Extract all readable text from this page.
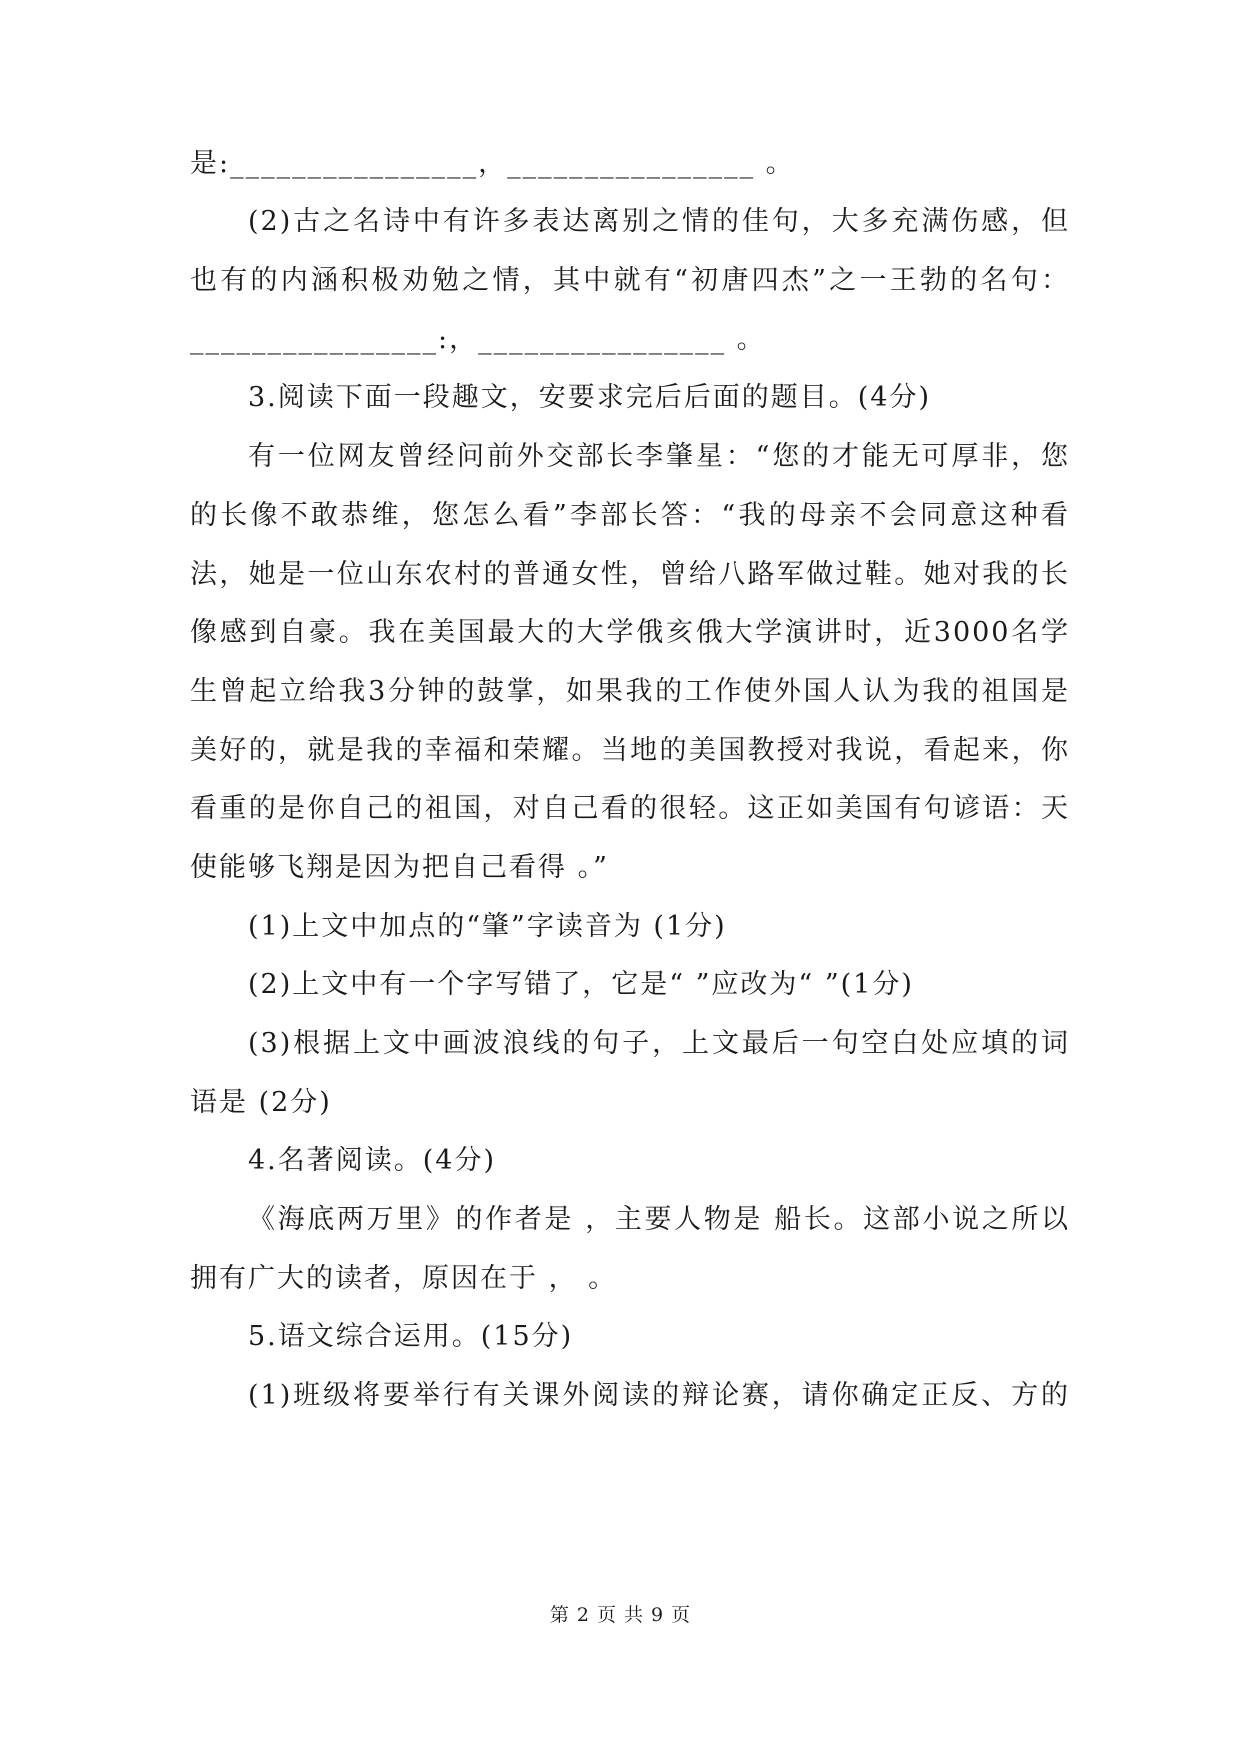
是:________________，________________ 。
(2)古之名诗中有许多表达离别之情的佳句，大多充满伤感，但
也有的内涵积极劝勉之情，其中就有“初唐四杰”之一王勃的名句：
________________:，________________ 。
3.阅读下面一段趣文，安要求完后后面的题目。(4分)
有一位网友曾经问前外交部长李肇星：“您的才能无可厚非，您
的长像不敢恭维，您怎么看”李部长答：“我的母亲不会同意这种看
法，她是一位山东农村的普通女性，曾给八路军做过鞋。她对我的长
像感到自豪。我在美国最大的大学俄亥俄大学演讲时，近3000名学
生曾起立给我3分钟的鼓掌，如果我的工作使外国人认为我的祖国是
美好的，就是我的幸福和荣耀。当地的美国教授对我说，看起来，你
看重的是你自己的祖国，对自己看的很轻。这正如美国有句谚语：天
使能够飞翔是因为把自己看得 。”
(1)上文中加点的“肇”字读音为 (1分)
(2)上文中有一个字写错了，它是“ ”应改为“ ”(1分)
(3)根据上文中画波浪线的句子，上文最后一句空白处应填的词
语是 (2分)
4.名著阅读。(4分)
《海底两万里》的作者是 ，主要人物是 船长。这部小说之所以
拥有广大的读者，原因在于 ， 。
5.语文综合运用。(15分)
(1)班级将要举行有关课外阅读的辩论赛，请你确定正反、方的
第 2 页 共 9 页
